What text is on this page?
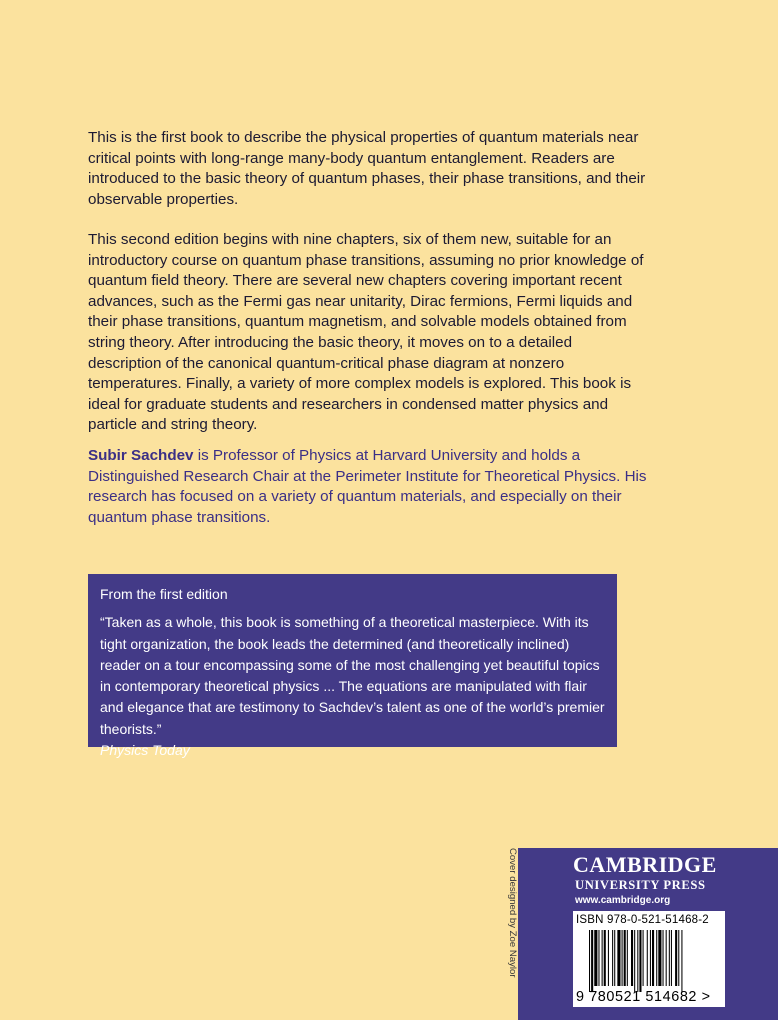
This is the first book to describe the physical properties of quantum materials near critical points with long-range many-body quantum entanglement. Readers are introduced to the basic theory of quantum phases, their phase transitions, and their observable properties.

This second edition begins with nine chapters, six of them new, suitable for an introductory course on quantum phase transitions, assuming no prior knowledge of quantum field theory. There are several new chapters covering important recent advances, such as the Fermi gas near unitarity, Dirac fermions, Fermi liquids and their phase transitions, quantum magnetism, and solvable models obtained from string theory. After introducing the basic theory, it moves on to a detailed description of the canonical quantum-critical phase diagram at nonzero temperatures. Finally, a variety of more complex models is explored. This book is ideal for graduate students and researchers in condensed matter physics and particle and string theory.

Subir Sachdev is Professor of Physics at Harvard University and holds a Distinguished Research Chair at the Perimeter Institute for Theoretical Physics. His research has focused on a variety of quantum materials, and especially on their quantum phase transitions.

From the first edition

“Taken as a whole, this book is something of a theoretical masterpiece. With its tight organization, the book leads the determined (and theoretically inclined) reader on a tour encompassing some of the most challenging yet beautiful topics in contemporary theoretical physics ... The equations are manipulated with flair and elegance that are testimony to Sachdev’s talent as one of the world’s premier theorists.”

Physics Today

Cover designed by Zoe Naylor	CAMBRIDGE

UNIVERSITY PRESS

www.cambridge.org

ISBN 978-0-521-51468-2

9 780521 514682 >
